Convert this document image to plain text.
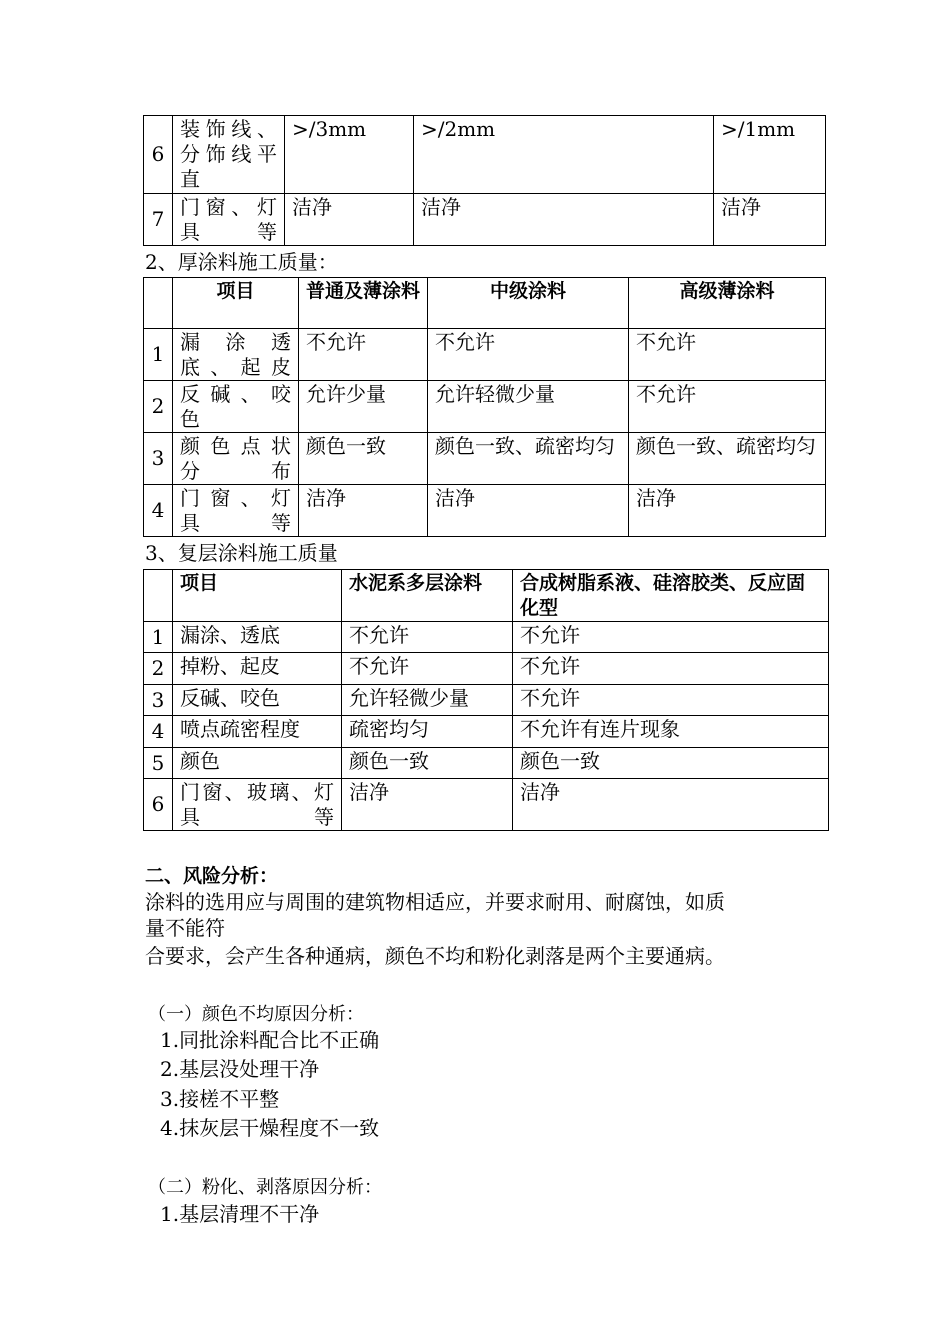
6	装饰线、分饰线平直	>/3mm	>/2mm	>/1mm
7	门窗、灯具等	洁净	洁净	洁净
2、厚涂料施工质量：
	项目	普通及薄涂料	中级涂料	高级薄涂料
1	漏 涂 透 底、起皮	不允许	不允许	不允许
2	反 碱 、 咬 色	允许少量	允许轻微少量	不允许
3	颜 色 点 状 分布	颜色一致	颜色一致、疏密均匀	颜色一致、疏密均匀
4	门 窗 、 灯 具等	洁净	洁净	洁净
3、复层涂料施工质量
	项目	水泥系多层涂料	合成树脂系液、硅溶胶类、反应固化型
1	漏涂、透底	不允许	不允许
2	掉粉、起皮	不允许	不允许
3	反碱、咬色	允许轻微少量	不允许
4	喷点疏密程度	疏密均匀	不允许有连片现象
5	颜色	颜色一致	颜色一致
6	门窗、玻璃、灯具等	洁净	洁净
二、风险分析：
涂料的选用应与周围的建筑物相适应，并要求耐用、耐腐蚀，如质
量不能符
合要求，会产生各种通病，颜色不均和粉化剥落是两个主要通病。
（一）颜色不均原因分析：
1.同批涂料配合比不正确
2.基层没处理干净
3.接槎不平整
4.抹灰层干燥程度不一致
（二）粉化、剥落原因分析：
1.基层清理不干净
